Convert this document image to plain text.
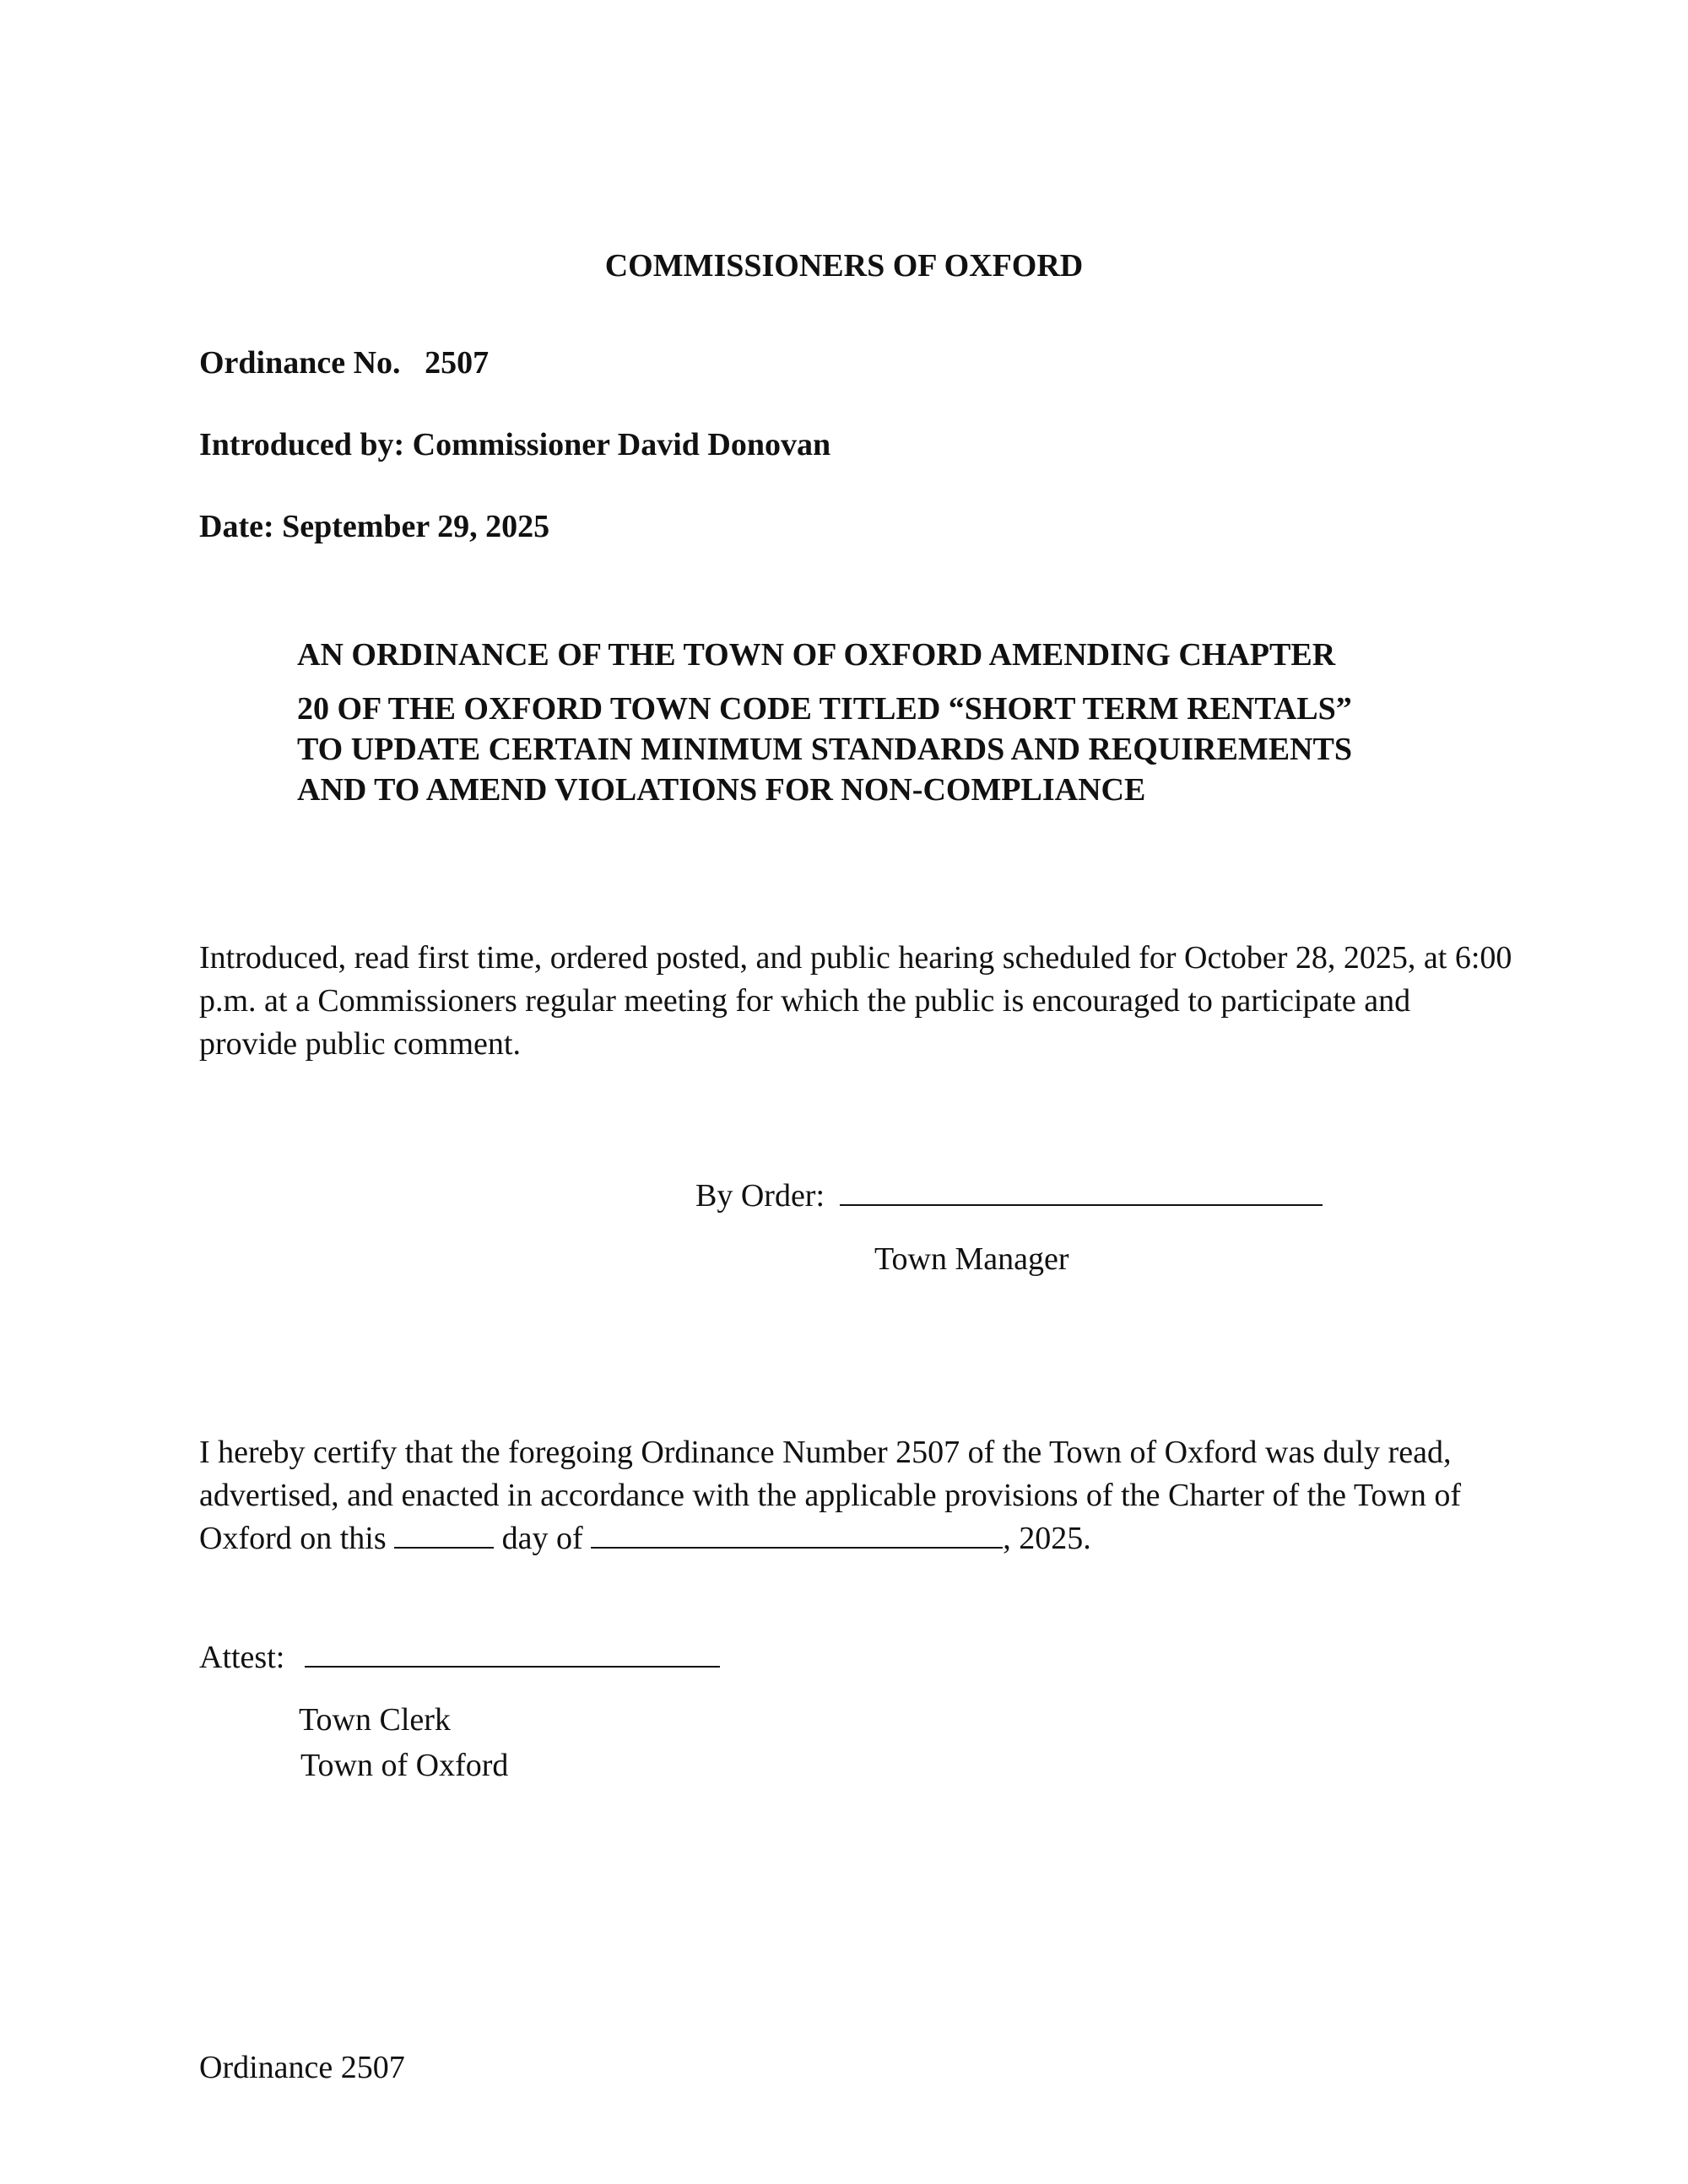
COMMISSIONERS OF OXFORD
Ordinance No. 2507
Introduced by: Commissioner David Donovan
Date: September 29, 2025
AN ORDINANCE OF THE TOWN OF OXFORD AMENDING CHAPTER
20 OF THE OXFORD TOWN CODE TITLED “SHORT TERM RENTALS”
TO UPDATE CERTAIN MINIMUM STANDARDS AND REQUIREMENTS
AND TO AMEND VIOLATIONS FOR NON-COMPLIANCE
Introduced, read first time, ordered posted, and public hearing scheduled for October 28, 2025, at 6:00 p.m. at a Commissioners regular meeting for which the public is encouraged to participate and provide public comment.
By Order:
Town Manager
I hereby certify that the foregoing Ordinance Number 2507 of the Town of Oxford was duly read, advertised, and enacted in accordance with the applicable provisions of the Charter of the Town of Oxford on this	day of	, 2025.
Attest:
Town Clerk
Town of Oxford
Ordinance 2507
